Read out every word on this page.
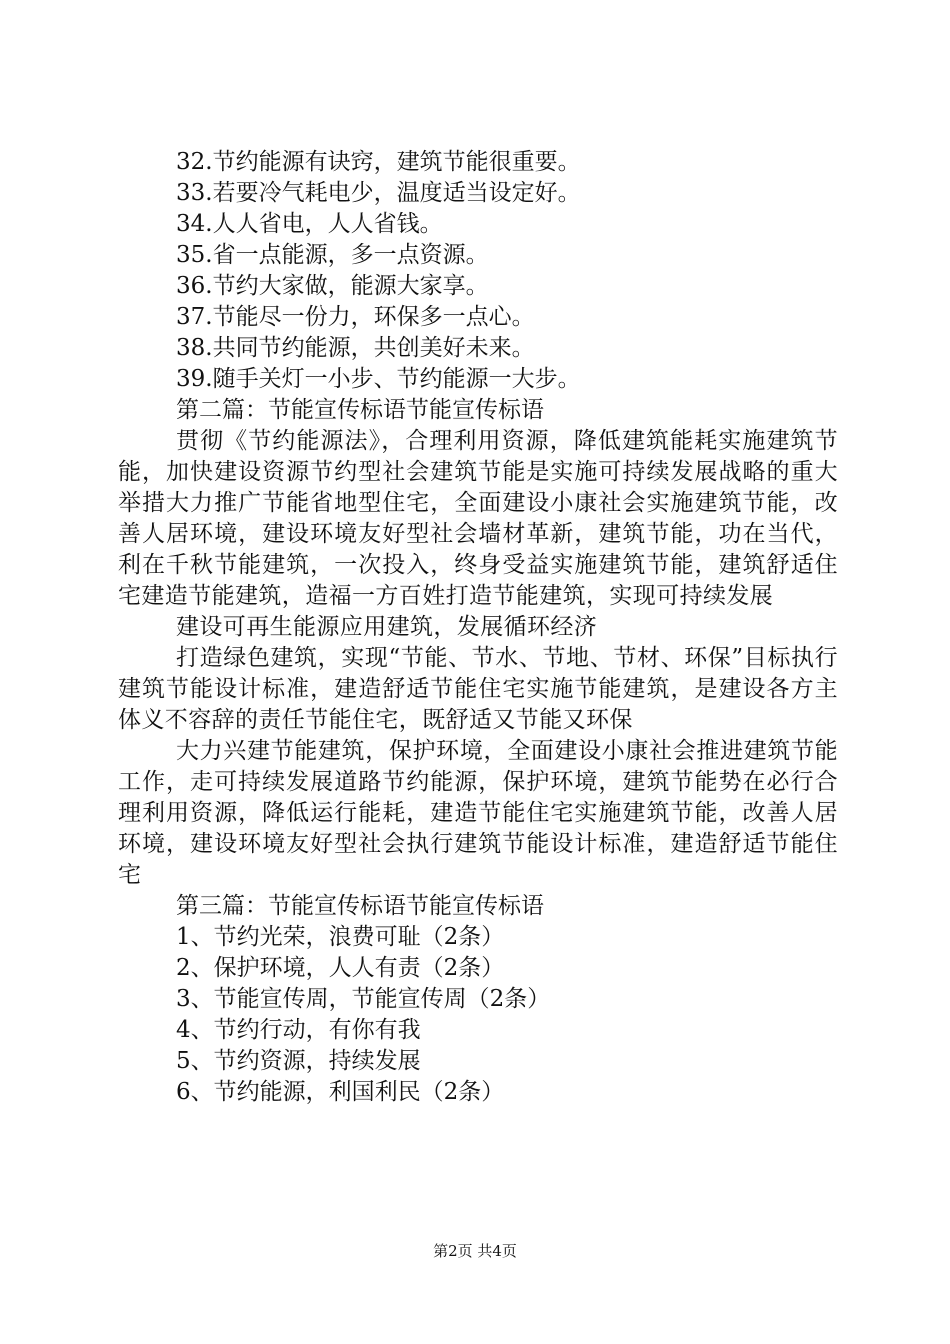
32.节约能源有诀窍，建筑节能很重要。
33.若要冷气耗电少，温度适当设定好。
34.人人省电，人人省钱。
35.省一点能源，多一点资源。
36.节约大家做，能源大家享。
37.节能尽一份力，环保多一点心。
38.共同节约能源，共创美好未来。
39.随手关灯一小步、节约能源一大步。
第二篇：节能宣传标语节能宣传标语

贯彻《节约能源法》，合理利用资源，降低建筑能耗实施建筑节能，加快建设资源节约型社会建筑节能是实施可持续发展战略的重大举措大力推广节能省地型住宅，全面建设小康社会实施建筑节能，改善人居环境，建设环境友好型社会墙材革新，建筑节能，功在当代，利在千秋节能建筑，一次投入，终身受益实施建筑节能，建筑舒适住宅建造节能建筑，造福一方百姓打造节能建筑，实现可持续发展

建设可再生能源应用建筑，发展循环经济

打造绿色建筑，实现“节能、节水、节地、节材、环保”目标执行建筑节能设计标准，建造舒适节能住宅实施节能建筑，是建设各方主体义不容辞的责任节能住宅，既舒适又节能又环保

大力兴建节能建筑，保护环境，全面建设小康社会推进建筑节能工作，走可持续发展道路节约能源，保护环境，建筑节能势在必行合理利用资源，降低运行能耗，建造节能住宅实施建筑节能，改善人居环境，建设环境友好型社会执行建筑节能设计标准，建造舒适节能住宅

第三篇：节能宣传标语节能宣传标语
1、节约光荣，浪费可耻（2条）
2、保护环境，人人有责（2条）
3、节能宣传周，节能宣传周（2条）
4、节约行动，有你有我
5、节约资源，持续发展
6、节约能源，利国利民（2条）
第2页 共4页
